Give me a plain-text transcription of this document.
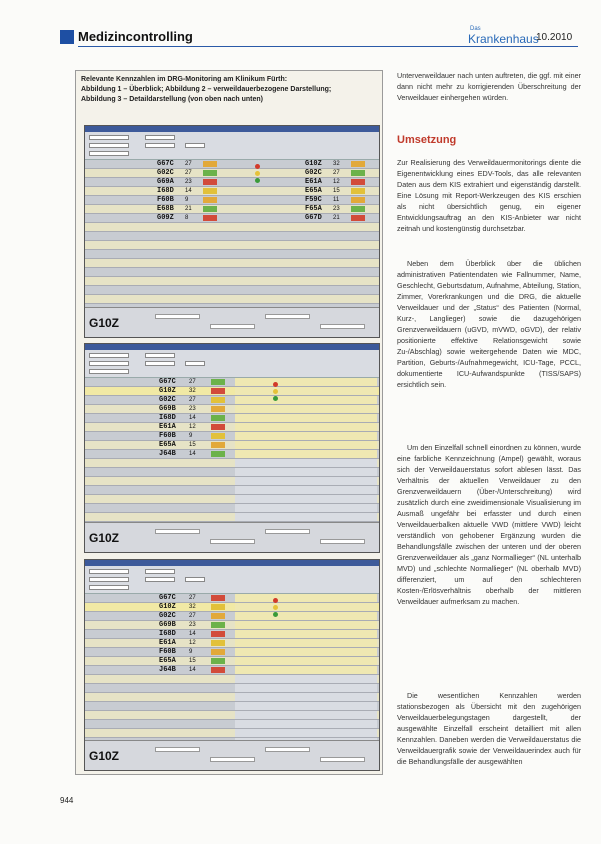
Medizincontrolling	Das
Krankenhaus
10.2010
Relevante Kennzahlen im DRG-Monitoring am Klinikum Fürth:
Abbildung 1 – Überblick; Abbildung 2 – verweildauerbezogene Darstellung;
Abbildung 3 – Detaildarstellung (von oben nach unten)
G67C 27	G10Z 32
G02C 27	G02C 27
G69A 23	E61A 12
I68D 14	E65A 15
F60B 9	F59C 11
E68B 21	F65A 23
G09Z 8	G67D 21
G10Z
G67C 27
G10Z 32
G02C 27
G69B 23
I68D 14
E61A 12
F60B 9
E65A 15
J64B 14
G10Z
G67C 27
G10Z 32
G02C 27
G69B 23
I68D 14
E61A 12
F60B 9
E65A 15
J64B 14
G10Z
Unterverweildauer nach unten auftreten, die ggf. mit einer dann nicht mehr zu korrigierenden Überschreitung der Verweildauer einhergehen würden.
Umsetzung
Zur Realisierung des Verweildauermonitorings diente die Eigenentwicklung eines EDV-Tools, das alle relevanten Daten aus dem KIS extrahiert und eigenständig darstellt. Eine Lösung mit Report-Werkzeugen des KIS erschien als nicht übersichtlich genug, ein eigener Entwicklungsauftrag an den KIS-Anbieter war nicht zeitnah und kostengünstig durchsetzbar.
Neben dem Überblick über die üblichen administrativen Patientendaten wie Fallnummer, Name, Geschlecht, Geburtsdatum, Aufnahme, Abteilung, Station, Zimmer, Vorerkrankungen und die DRG, die aktuelle Verweildauer und der „Status“ des Patienten (Normal, Kurz-, Langlieger) sowie die dazugehörigen Grenzverweildauern (uGVD, mVWD, oGVD), der relativ positionierte effektive Relationsgewicht sowie Zu-/Abschlag) sowie weitergehende Daten wie MDC, Partition, Geburts-/Aufnahmegewicht, ICU-Tage, PCCL, dokumentierte ICU-Aufwandspunkte (TISS/SAPS) ersichtlich sein.
Um den Einzelfall schnell einordnen zu können, wurde eine farbliche Kennzeichnung (Ampel) gewählt, woraus sich der Verweildauerstatus sofort ablesen lässt. Das Verhältnis der aktuellen Verweildauer zu den Grenzverweildauern (Über-/Unterschreitung) wird zusätzlich durch eine zweidimensionale Visualisierung im Ausmaß ungefähr bei erfasster und durch einen Verweildauerbalken aktuelle VWD (mittlere VWD) leicht verständlich von gehobener Ergänzung wurden die Behandlungsfälle zwischen der unteren und der oberen Grenzverweildauer als „ganz Normallieger“ (NL unterhalb MVD) und „schlechte Normallieger“ (NL oberhalb MVD) differenziert, um auf den schlechteren Kosten-/Erlösverhältnis oberhalb der mittleren Verweildauer aufmerksam zu machen.
Die wesentlichen Kennzahlen werden stationsbezogen als Übersicht mit den zugehörigen Verweildauerbelegungstagen dargestellt, der ausgewählte Einzelfall erscheint detailliert mit allen Kennzahlen. Daneben werden die Verweildauerstatus die Verweildauergrafik sowie der Verweildauerindex auch für die Behandlungsfälle der ausgewählten
944
